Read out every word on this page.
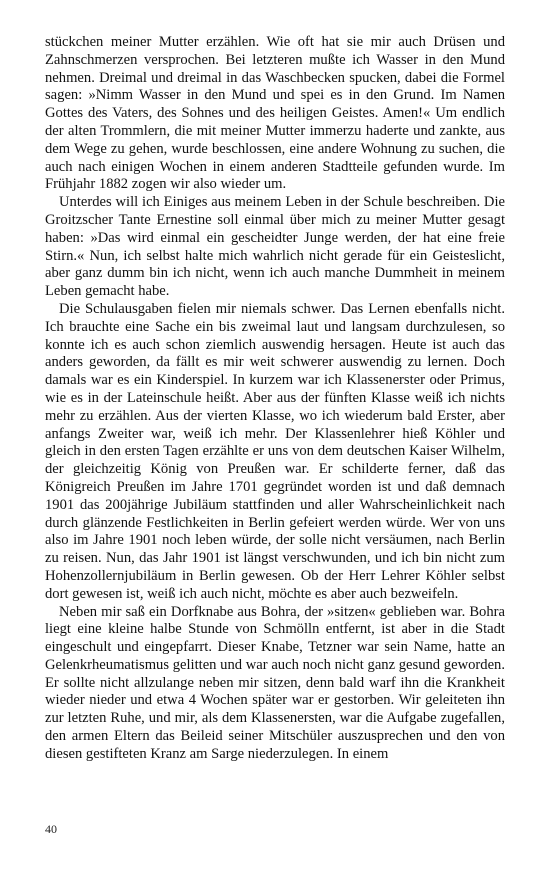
stückchen meiner Mutter erzählen. Wie oft hat sie mir auch Drüsen und Zahnschmerzen versprochen. Bei letzteren mußte ich Wasser in den Mund nehmen. Dreimal und dreimal in das Waschbecken spucken, dabei die Formel sagen: »Nimm Wasser in den Mund und spei es in den Grund. Im Namen Gottes des Vaters, des Sohnes und des heiligen Geistes. Amen!« Um endlich der alten Trommlern, die mit meiner Mutter immerzu haderte und zankte, aus dem Wege zu gehen, wurde beschlossen, eine andere Wohnung zu suchen, die auch nach einigen Wochen in einem anderen Stadtteile gefunden wurde. Im Frühjahr 1882 zogen wir also wieder um.

Unterdes will ich Einiges aus meinem Leben in der Schule beschreiben. Die Groitzscher Tante Ernestine soll einmal über mich zu meiner Mutter gesagt haben: »Das wird einmal ein gescheidter Junge werden, der hat eine freie Stirn.« Nun, ich selbst halte mich wahrlich nicht gerade für ein Geisteslicht, aber ganz dumm bin ich nicht, wenn ich auch manche Dummheit in meinem Leben gemacht habe.

Die Schulausgaben fielen mir niemals schwer. Das Lernen ebenfalls nicht. Ich brauchte eine Sache ein bis zweimal laut und langsam durchzulesen, so konnte ich es auch schon ziemlich auswendig hersagen. Heute ist auch das anders geworden, da fällt es mir weit schwerer auswendig zu lernen. Doch damals war es ein Kinderspiel. In kurzem war ich Klassenerster oder Primus, wie es in der Lateinschule heißt. Aber aus der fünften Klasse weiß ich nichts mehr zu erzählen. Aus der vierten Klasse, wo ich wiederum bald Erster, aber anfangs Zweiter war, weiß ich mehr. Der Klassenlehrer hieß Köhler und gleich in den ersten Tagen erzählte er uns von dem deutschen Kaiser Wilhelm, der gleichzeitig König von Preußen war. Er schilderte ferner, daß das Königreich Preußen im Jahre 1701 gegründet worden ist und daß demnach 1901 das 200jährige Jubiläum stattfinden und aller Wahrscheinlichkeit nach durch glänzende Festlichkeiten in Berlin gefeiert werden würde. Wer von uns also im Jahre 1901 noch leben würde, der solle nicht versäumen, nach Berlin zu reisen. Nun, das Jahr 1901 ist längst verschwunden, und ich bin nicht zum Hohenzollernjubiläum in Berlin gewesen. Ob der Herr Lehrer Köhler selbst dort gewesen ist, weiß ich auch nicht, möchte es aber auch bezweifeln.

Neben mir saß ein Dorfknabe aus Bohra, der »sitzen« geblieben war. Bohra liegt eine kleine halbe Stunde von Schmölln entfernt, ist aber in die Stadt eingeschult und eingepfarrt. Dieser Knabe, Tetzner war sein Name, hatte an Gelenkrheumatismus gelitten und war auch noch nicht ganz gesund geworden. Er sollte nicht allzulange neben mir sitzen, denn bald warf ihn die Krankheit wieder nieder und etwa 4 Wochen später war er gestorben. Wir geleiteten ihn zur letzten Ruhe, und mir, als dem Klassenersten, war die Aufgabe zugefallen, den armen Eltern das Beileid seiner Mitschüler auszusprechen und den von diesen gestifteten Kranz am Sarge niederzulegen. In einem

40
